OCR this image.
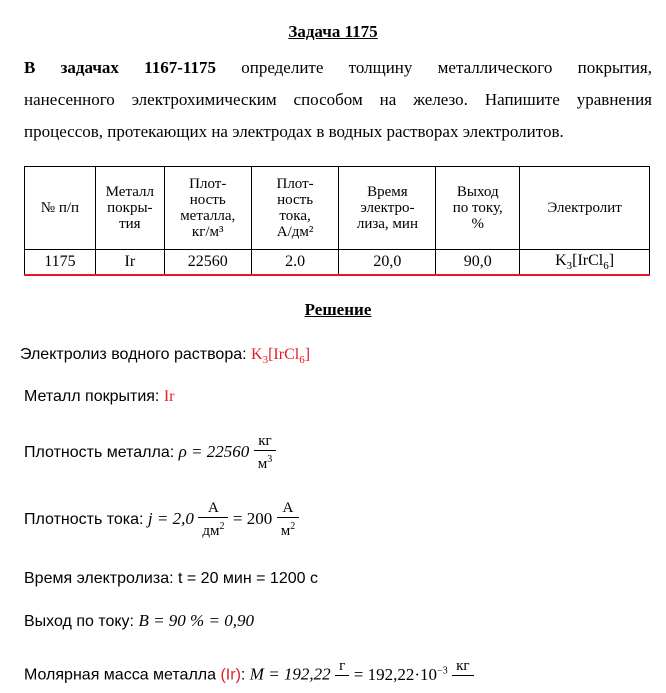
Задача 1175
В задачах 1167-1175 определите толщину металлического покрытия,
нанесенного электрохимическим способом на железо. Напишите уравнения
процессов, протекающих на электродах в водных растворах электролитов.
№ п/п	Металл
покры-
тия	Плот-
ность
металла,
кг/м³	Плот-
ность
тока,
А/дм²	Время
электро-
лиза, мин	Выход
по току,
%	Электролит
1175	Ir	22560	2.0	20,0	90,0	$K_3[IrCl_6]$
Решение
Электролиз водного раствора: $K_3[IrCl_6]$
Металл покрытия: Ir
Плотность металла: $\rho = 22560 \frac{кг}{м^3}$
Плотность тока: $j = 2,0 \frac{А}{дм^2} = 200 \frac{А}{м^2}$
Время электролиза: t = 20 мин = 1200 с
Выход по току: B = 90 % = 0,90
Молярная масса металла (Ir): M = 192,22 г
= $192,22\cdot 10^{-3}$ кг
